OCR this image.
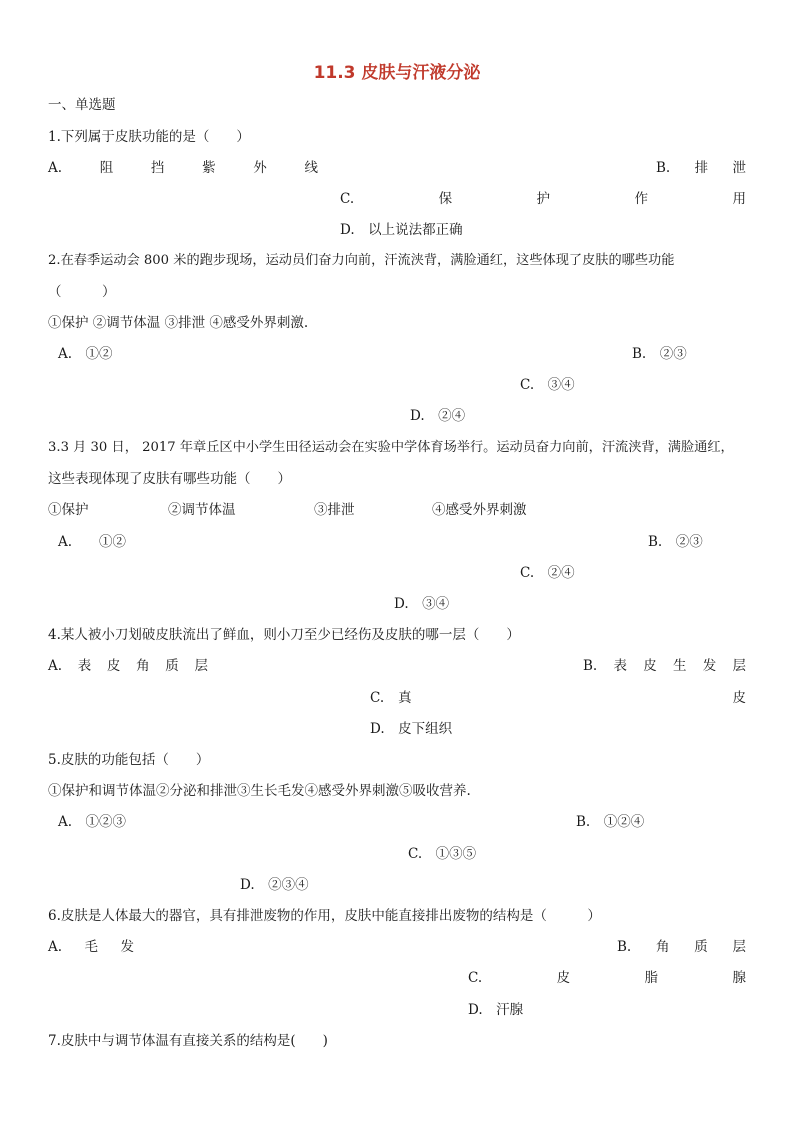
11.3 皮肤与汗液分泌
一、单选题
1.下列属于皮肤功能的是（　　）
A.	阻	挡	紫	外	线	B. 排 泄
C.	保	护	作	用
D.　以上说法都正确
2.在春季运动会 800 米的跑步现场，运动员们奋力向前，汗流浃背，满脸通红，这些体现了皮肤的哪些功能
（　　　）
①保护 ②调节体温 ③排泄 ④感受外界刺激.
A.　①②	B.　②③
C.　③④
D.　②④
3.3 月 30 日， 2017 年章丘区中小学生田径运动会在实验中学体育场举行。运动员奋力向前，汗流浃背，满脸通红，
这些表现体现了皮肤有哪些功能（　　）
①保护	②调节体温	③排泄	④感受外界刺激
A.　　①②	B.　②③
C.　②④
D.　③④
4.某人被小刀划破皮肤流出了鲜血，则小刀至少已经伤及皮肤的哪一层（　　）
A. 表 皮 角 质 层	B. 表 皮 生 发 层
C. 真	皮
D.　皮下组织
5.皮肤的功能包括（　　）
①保护和调节体温②分泌和排泄③生长毛发④感受外界刺激⑤吸收营养.
A.　①②③	B.　①②④
C.　①③⑤
D.　②③④
6.皮肤是人体最大的器官，具有排泄废物的作用，皮肤中能直接排出废物的结构是（　　　）
A. 毛 发	B. 角 质 层
C.	皮	脂	腺
D.　汗腺
7.皮肤中与调节体温有直接关系的结构是(　　)
